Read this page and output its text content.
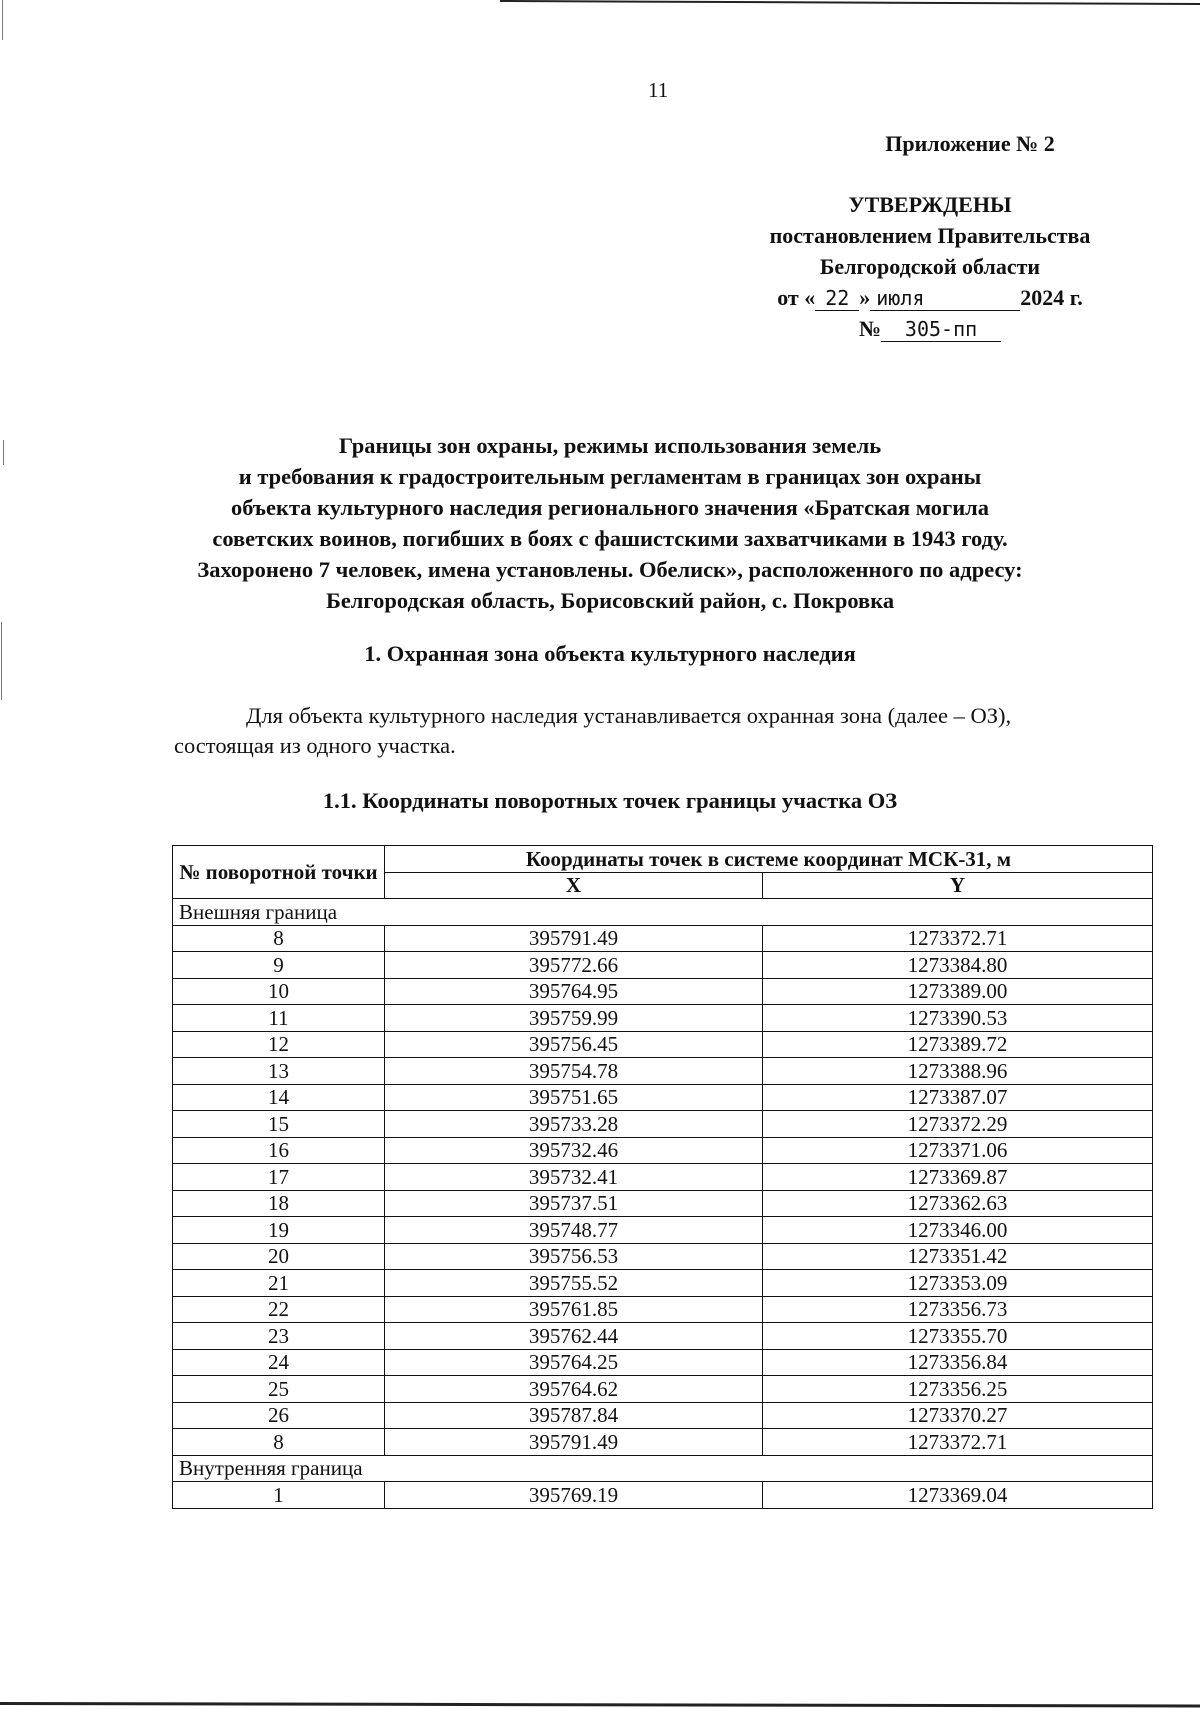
11
Приложение № 2
УТВЕРЖДЕНЫ
постановлением Правительства
Белгородской области
от « 22 » июля	2024 г.
№ 305-пп
Границы зон охраны, режимы использования земель
и требования к градостроительным регламентам в границах зон охраны
объекта культурного наследия регионального значения «Братская могила
советских воинов, погибших в боях с фашистскими захватчиками в 1943 году.
Захоронено 7 человек, имена установлены. Обелиск», расположенного по адресу:
Белгородская область, Борисовский район, с. Покровка
1. Охранная зона объекта культурного наследия
Для объекта культурного наследия устанавливается охранная зона (далее – ОЗ),
состоящая из одного участка.
1.1. Координаты поворотных точек границы участка ОЗ
№ поворотной точки	Координаты точек в системе координат МСК-31, м	
	X	Y
Внешняя граница		
8	395791.49	1273372.71
9	395772.66	1273384.80
10	395764.95	1273389.00
11	395759.99	1273390.53
12	395756.45	1273389.72
13	395754.78	1273388.96
14	395751.65	1273387.07
15	395733.28	1273372.29
16	395732.46	1273371.06
17	395732.41	1273369.87
18	395737.51	1273362.63
19	395748.77	1273346.00
20	395756.53	1273351.42
21	395755.52	1273353.09
22	395761.85	1273356.73
23	395762.44	1273355.70
24	395764.25	1273356.84
25	395764.62	1273356.25
26	395787.84	1273370.27
8	395791.49	1273372.71
Внутренняя граница		
1	395769.19	1273369.04
